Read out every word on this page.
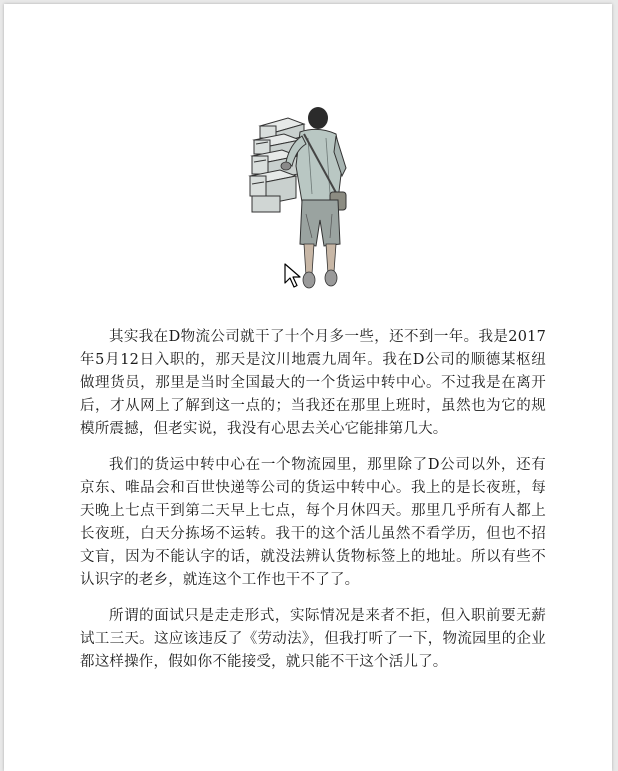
其实我在D物流公司就干了十个月多一些，还不到一年。我是2017年5月12日入职的，那天是汶川地震九周年。我在D公司的顺德某枢纽做理货员，那里是当时全国最大的一个货运中转中心。不过我是在离开后，才从网上了解到这一点的；当我还在那里上班时，虽然也为它的规模所震撼，但老实说，我没有心思去关心它能排第几大。

我们的货运中转中心在一个物流园里，那里除了D公司以外，还有京东、唯品会和百世快递等公司的货运中转中心。我上的是长夜班，每天晚上七点干到第二天早上七点，每个月休四天。那里几乎所有人都上长夜班，白天分拣场不运转。我干的这个活儿虽然不看学历，但也不招文盲，因为不能认字的话，就没法辨认货物标签上的地址。所以有些不认识字的老乡，就连这个工作也干不了了。

所谓的面试只是走走形式，实际情况是来者不拒，但入职前要无薪试工三天。这应该违反了《劳动法》，但我打听了一下，物流园里的企业都这样操作，假如你不能接受，就只能不干这个活儿了。
